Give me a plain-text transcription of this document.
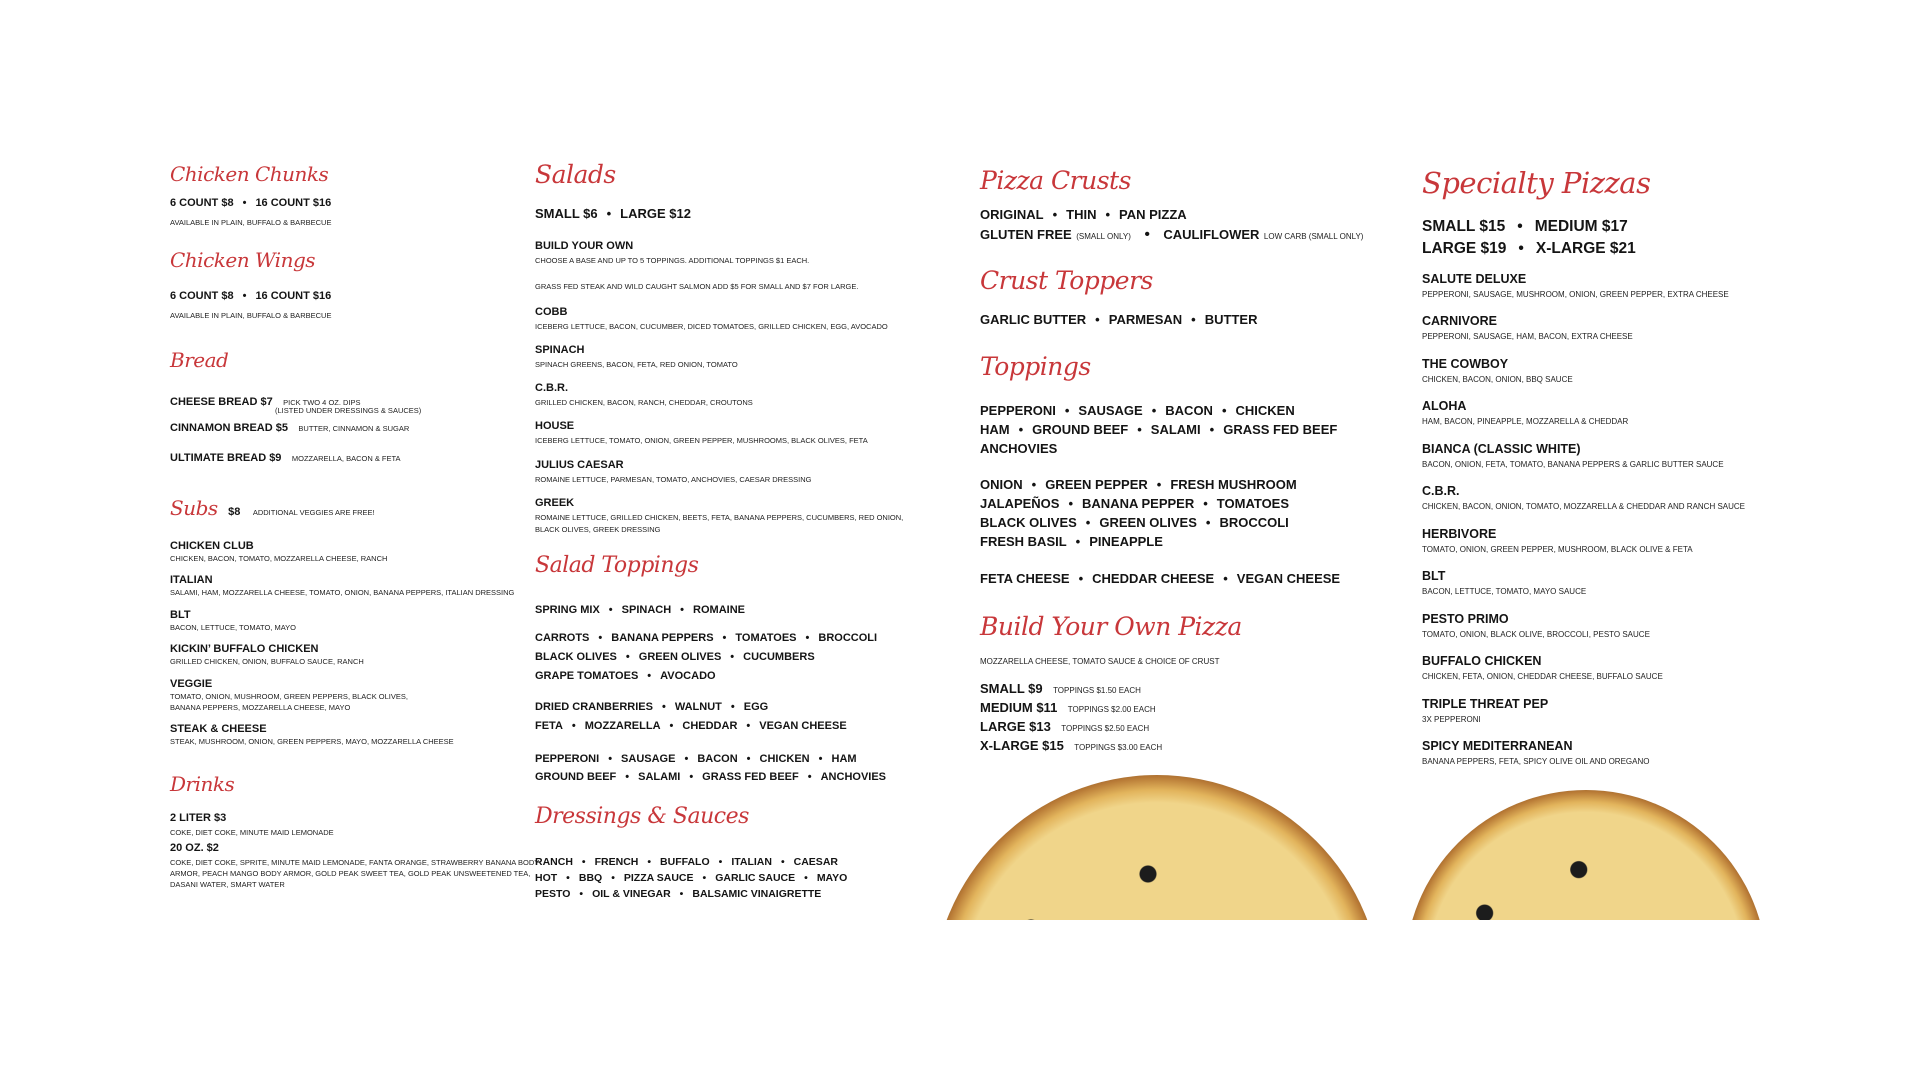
Chicken Chunks
6 COUNT $8 • 16 COUNT $16
AVAILABLE IN PLAIN, BUFFALO & BARBECUE
Chicken Wings
6 COUNT $8 • 16 COUNT $16
AVAILABLE IN PLAIN, BUFFALO & BARBECUE
Bread
CHEESE BREAD $7 PICK TWO 4 OZ. DIPS
(LISTED UNDER DRESSINGS & SAUCES)
CINNAMON BREAD $5 BUTTER, CINNAMON & SUGAR
ULTIMATE BREAD $9 MOZZARELLA, BACON & FETA
Subs $8 ADDITIONAL VEGGIES ARE FREE!
CHICKEN CLUB
CHICKEN, BACON, TOMATO, MOZZARELLA CHEESE, RANCH
ITALIAN
SALAMI, HAM, MOZZARELLA CHEESE, TOMATO, ONION, BANANA PEPPERS, ITALIAN DRESSING
BLT
BACON, LETTUCE, TOMATO, MAYO
KICKIN’ BUFFALO CHICKEN
GRILLED CHICKEN, ONION, BUFFALO SAUCE, RANCH
VEGGIE
TOMATO, ONION, MUSHROOM, GREEN PEPPERS, BLACK OLIVES,
BANANA PEPPERS, MOZZARELLA CHEESE, MAYO
STEAK & CHEESE
STEAK, MUSHROOM, ONION, GREEN PEPPERS, MAYO, MOZZARELLA CHEESE
Drinks
2 LITER $3
COKE, DIET COKE, MINUTE MAID LEMONADE
20 OZ. $2
COKE, DIET COKE, SPRITE, MINUTE MAID LEMONADE, FANTA ORANGE, STRAWBERRY BANANA BODY
ARMOR, PEACH MANGO BODY ARMOR, GOLD PEAK SWEET TEA, GOLD PEAK UNSWEETENED TEA,
DASANI WATER, SMART WATER
Salads
SMALL $6 • LARGE $12
BUILD YOUR OWN
CHOOSE A BASE AND UP TO 5 TOPPINGS. ADDITIONAL TOPPINGS $1 EACH.
GRASS FED STEAK AND WILD CAUGHT SALMON ADD $5 FOR SMALL AND $7 FOR LARGE.
COBB
ICEBERG LETTUCE, BACON, CUCUMBER, DICED TOMATOES, GRILLED CHICKEN, EGG, AVOCADO
SPINACH
SPINACH GREENS, BACON, FETA, RED ONION, TOMATO
C.B.R.
GRILLED CHICKEN, BACON, RANCH, CHEDDAR, CROUTONS
HOUSE
ICEBERG LETTUCE, TOMATO, ONION, GREEN PEPPER, MUSHROOMS, BLACK OLIVES, FETA
JULIUS CAESAR
ROMAINE LETTUCE, PARMESAN, TOMATO, ANCHOVIES, CAESAR DRESSING
GREEK
ROMAINE LETTUCE, GRILLED CHICKEN, BEETS, FETA, BANANA PEPPERS, CUCUMBERS, RED ONION,
BLACK OLIVES, GREEK DRESSING
Salad Toppings
SPRING MIX • SPINACH • ROMAINE
CARROTS • BANANA PEPPERS • TOMATOES • BROCCOLI
BLACK OLIVES • GREEN OLIVES • CUCUMBERS
GRAPE TOMATOES • AVOCADO
DRIED CRANBERRIES • WALNUT • EGG
FETA • MOZZARELLA • CHEDDAR • VEGAN CHEESE
PEPPERONI • SAUSAGE • BACON • CHICKEN • HAM
GROUND BEEF • SALAMI • GRASS FED BEEF • ANCHOVIES
Dressings & Sauces
RANCH • FRENCH • BUFFALO • ITALIAN • CAESAR
HOT • BBQ • PIZZA SAUCE • GARLIC SAUCE • MAYO
PESTO • OIL & VINEGAR • BALSAMIC VINAIGRETTE
Pizza Crusts
ORIGINAL • THIN • PAN PIZZA
GLUTEN FREE (SMALL ONLY) • CAULIFLOWER LOW CARB (SMALL ONLY)
Crust Toppers
GARLIC BUTTER • PARMESAN • BUTTER
Toppings
PEPPERONI • SAUSAGE • BACON • CHICKEN
HAM • GROUND BEEF • SALAMI • GRASS FED BEEF
ANCHOVIES
ONION • GREEN PEPPER • FRESH MUSHROOM
JALAPEÑOS • BANANA PEPPER • TOMATOES
BLACK OLIVES • GREEN OLIVES • BROCCOLI
FRESH BASIL • PINEAPPLE
FETA CHEESE • CHEDDAR CHEESE • VEGAN CHEESE
Build Your Own Pizza
MOZZARELLA CHEESE, TOMATO SAUCE & CHOICE OF CRUST
SMALL $9 TOPPINGS $1.50 EACH
MEDIUM $11 TOPPINGS $2.00 EACH
LARGE $13 TOPPINGS $2.50 EACH
X-LARGE $15 TOPPINGS $3.00 EACH
Specialty Pizzas
SMALL $15 • MEDIUM $17
LARGE $19 • X-LARGE $21
SALUTE DELUXE
PEPPERONI, SAUSAGE, MUSHROOM, ONION, GREEN PEPPER, EXTRA CHEESE
CARNIVORE
PEPPERONI, SAUSAGE, HAM, BACON, EXTRA CHEESE
THE COWBOY
CHICKEN, BACON, ONION, BBQ SAUCE
ALOHA
HAM, BACON, PINEAPPLE, MOZZARELLA & CHEDDAR
BIANCA (CLASSIC WHITE)
BACON, ONION, FETA, TOMATO, BANANA PEPPERS & GARLIC BUTTER SAUCE
C.B.R.
CHICKEN, BACON, ONION, TOMATO, MOZZARELLA & CHEDDAR AND RANCH SAUCE
HERBIVORE
TOMATO, ONION, GREEN PEPPER, MUSHROOM, BLACK OLIVE & FETA
BLT
BACON, LETTUCE, TOMATO, MAYO SAUCE
PESTO PRIMO
TOMATO, ONION, BLACK OLIVE, BROCCOLI, PESTO SAUCE
BUFFALO CHICKEN
CHICKEN, FETA, ONION, CHEDDAR CHEESE, BUFFALO SAUCE
TRIPLE THREAT PEP
3X PEPPERONI
SPICY MEDITERRANEAN
BANANA PEPPERS, FETA, SPICY OLIVE OIL AND OREGANO
